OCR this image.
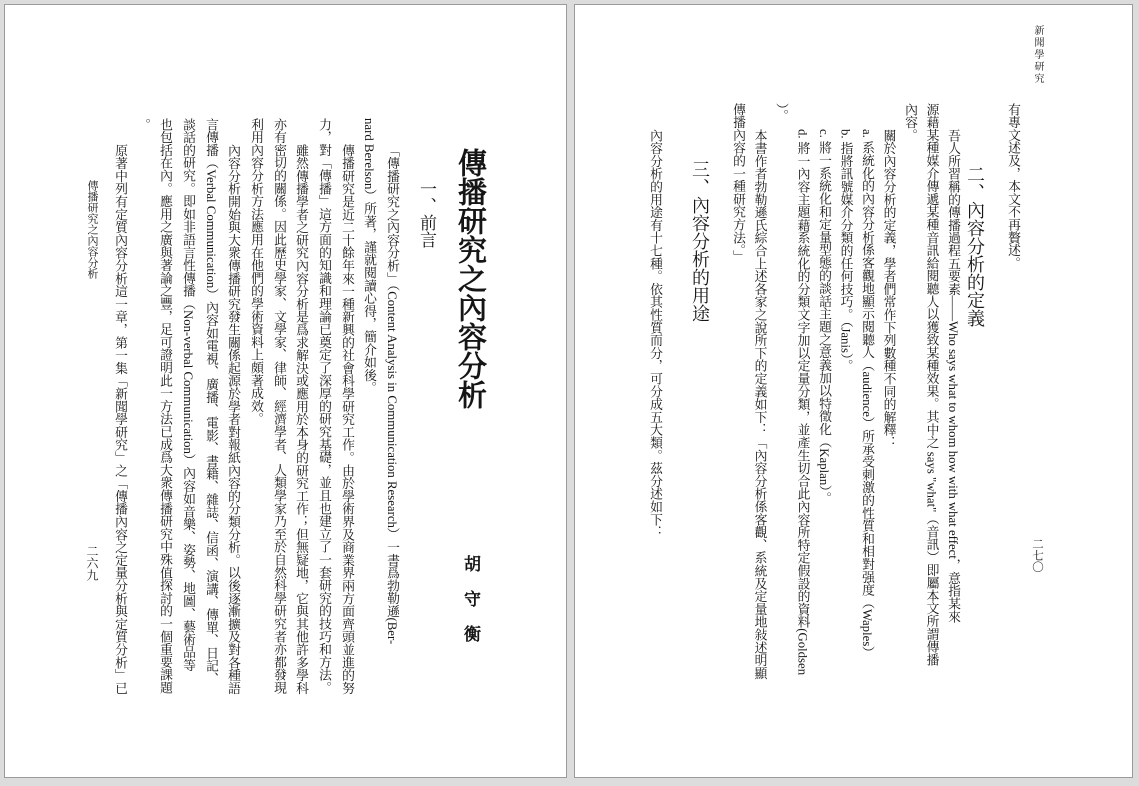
傳播研究之內容分析
胡守衡
一、前言
「傳播研究之內容分析」（Content Analysis in Communication Research）一書爲勃勒遜(Ber-
nard Berelson）所著，謹就閱讀心得，簡介如後。
傳播研究是近二十餘年來一種新興的社會科學研究工作。由於學術界及商業界兩方面齊頭並進的努
力，對「傳播」這方面的知識和理論已奠定了深厚的研究基礎，並且也建立了一套研究的技巧和方法。
雖然傳播學者之研究內容分析是爲求解決或應用於本身的研究工作；但無疑地，它與其他許多學科
亦有密切的關係。因此歷史學家、文學家、律師、經濟學者、人類學家乃至於自然科學研究者亦都發現
利用內容分析方法應用在他們的學術資料上頗著成效。
內容分析開始與大衆傳播研究發生關係起源於學者對報紙內容的分類分析。以後逐漸擴及對各種語
言傳播（Verbal Communication）內容如電視、廣播、電影、書籍、雜誌、信函、演講、傳單、日記、
談話的研究。即如非語言性傳播（Non-verbal Communication）內容如音樂、姿勢、地圖、藝術品等
也包括在內。應用之廣與著論之豐，足可證明此一方法已成爲大衆傳播研究中殊值探討的一個重要課題
。
原著中列有定質內容分析這一章，第一集「新聞學研究」之「傳播內容之定量分析與定質分析」已
傳播研究之內容分析
二六九
新聞學研究
二七〇
有專文述及，本文不再贅述。
二、內容分析的定義
吾人所習稱的傳播過程五要素——Who says what to whom how with what effect，意指某來
源藉某種媒介傳遞某種音訊給閱聽人以獲致某種效果。其中之 says "what"（音訊）即屬本文所謂傳播
內容。
關於內容分析的定義，學者們常作下列數種不同的解釋：
a. 系統化的內容分析係客觀地顯示閱聽人（audience）所承受刺激的性質和相對强度（Waples）
b. 指將訊號媒介分類的任何技巧。（Janis）。
c. 將一系統化和定量型態的談話主題之意義加以特徵化（Kaplan）。
d. 將一內容主題藉系統化的分類文字加以定量分類，並產生切合此內容所特定假設的資料(Goldsen
）。
本書作者勃勒遜氏綜合上述各家之說所下的定義如下：「內容分析係客觀、系統及定量地敍述明顯
傳播內容的一種研究方法。」
三、內容分析的用途
內容分析的用途有十七種。依其性質而分，可分成五大類。茲分述如下：
